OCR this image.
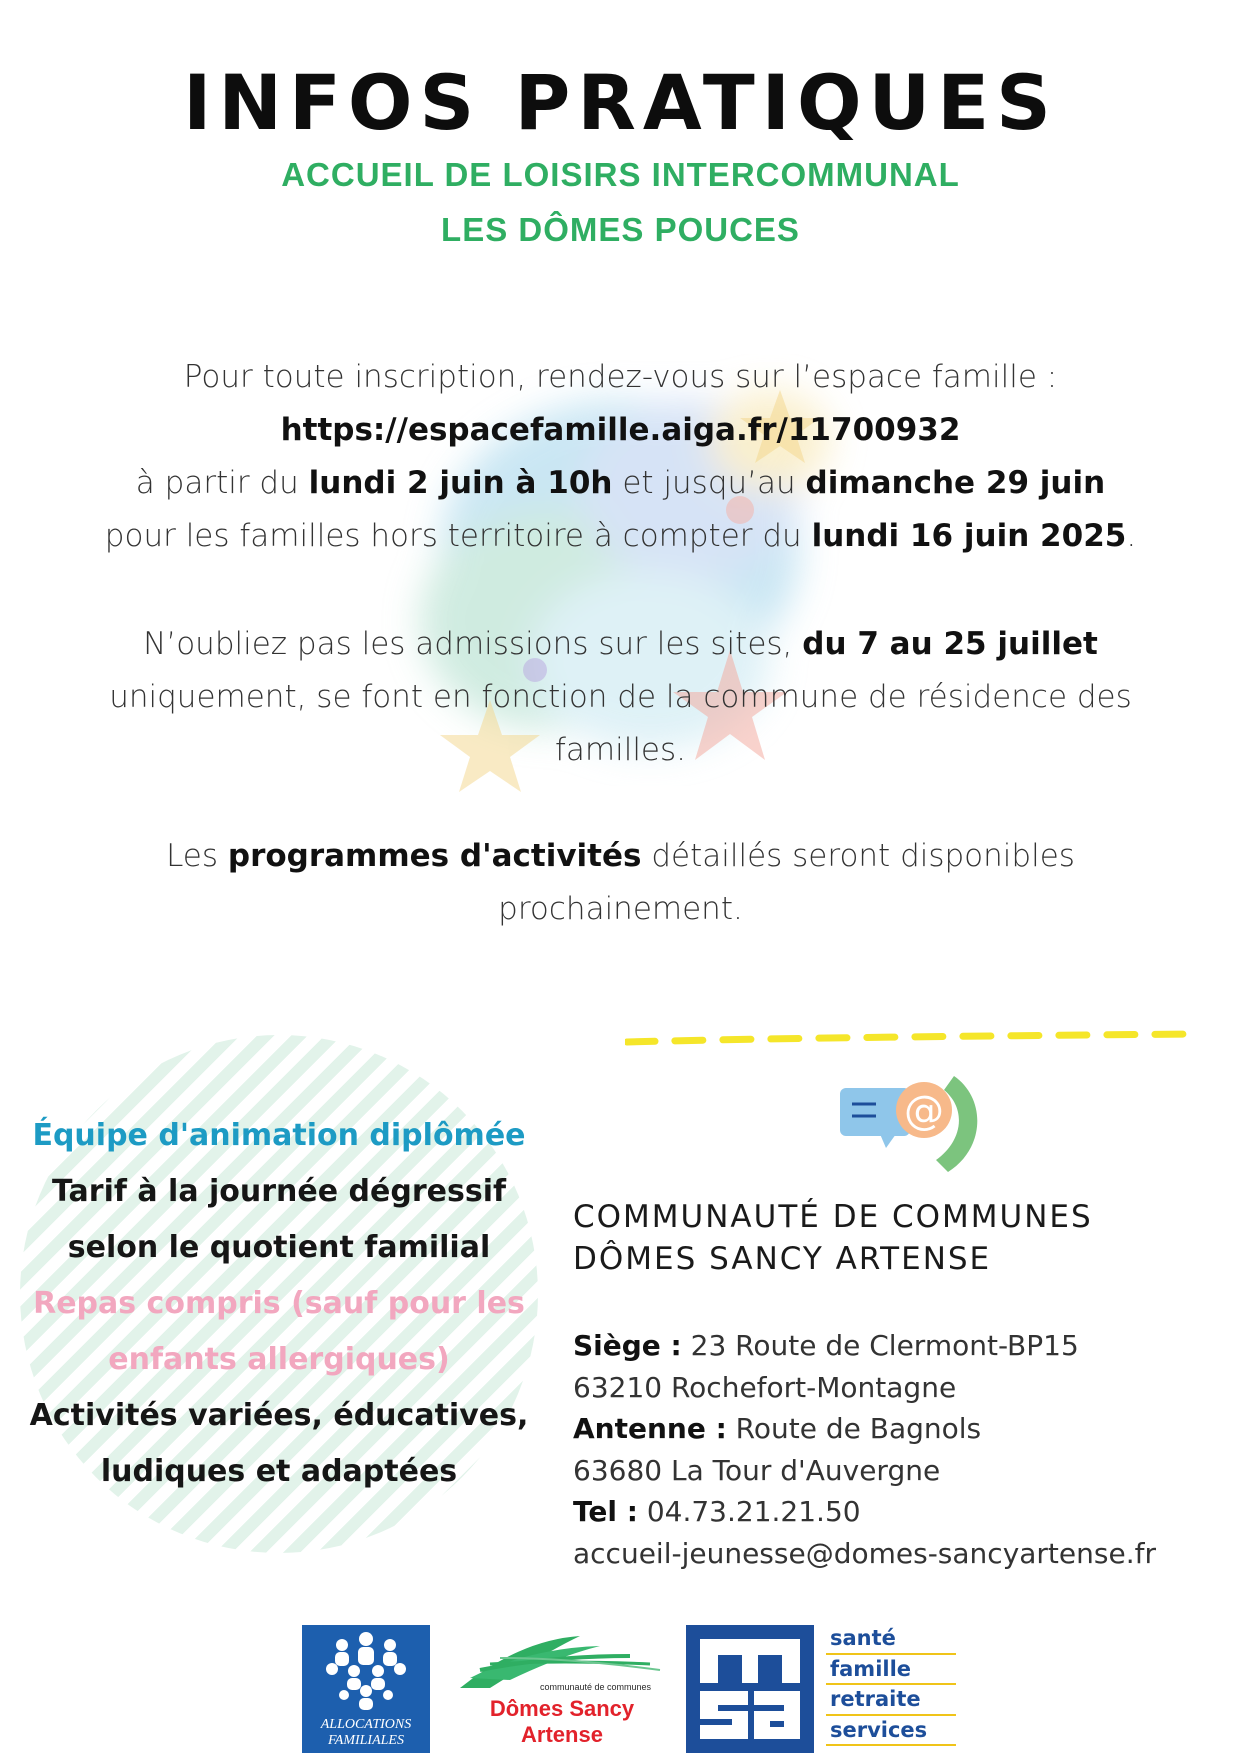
INFOS PRATIQUES
ACCUEIL DE LOISIRS INTERCOMMUNAL
LES DÔMES POUCES
Pour toute inscription, rendez-vous sur l’espace famille :
https://espacefamille.aiga.fr/11700932
à partir du lundi 2 juin à 10h et jusqu’au dimanche 29 juin
pour les familles hors territoire à compter du lundi 16 juin 2025.
N’oubliez pas les admissions sur les sites, du 7 au 25 juillet
uniquement, se font en fonction de la commune de résidence des
familles.
Les programmes d'activités détaillés seront disponibles
prochainement.
Équipe d'animation diplômée
Tarif à la journée dégressif
selon le quotient familial
Repas compris (sauf pour les
enfants allergiques)
Activités variées, éducatives,
ludiques et adaptées
@
COMMUNAUTÉ DE COMMUNES
DÔMES SANCY ARTENSE
Siège : 23 Route de Clermont-BP15
63210 Rochefort-Montagne
Antenne : Route de Bagnols
63680 La Tour d'Auvergne
Tel : 04.73.21.21.50
accueil-jeunesse@domes-sancyartense.fr
ALLOCATIONS
FAMILIALES
communauté de communes
Dômes Sancy Artense
santé
famille
retraite
services
